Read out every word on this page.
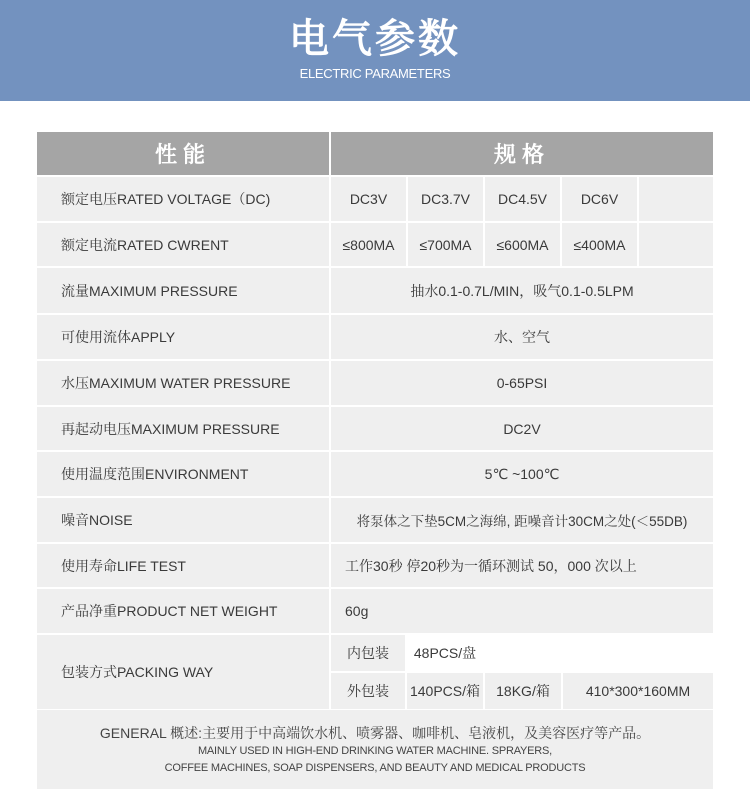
电气参数
ELECTRIC PARAMETERS
性能	规格
额定电压RATED VOLTAGE（DC)	DC3V	DC3.7V	DC4.5V	DC6V
额定电流RATED CWRENT	≤800MA	≤700MA	≤600MA	≤400MA
流量MAXIMUM PRESSURE	抽水0.1-0.7L/MIN，吸气0.1-0.5LPM
可使用流体APPLY	水、空气
水压MAXIMUM WATER PRESSURE	0-65PSI
再起动电压MAXIMUM PRESSURE	DC2V
使用温度范围ENVIRONMENT	5℃ ~100℃
噪音NOISE	将泵体之下垫5CM之海绵, 距噪音计30CM之处(＜55DB)
使用寿命LIFE TEST	工作30秒 停20秒为一循环测试 50，000 次以上
产品净重PRODUCT NET WEIGHT	60g
包装方式PACKING WAY
内包装	48PCS/盘
外包装	140PCS/箱	18KG/箱	410*300*160MM
GENERAL 概述:主要用于中高端饮水机、喷雾器、咖啡机、皂液机，及美容医疗等产品。
MAINLY USED IN HIGH-END DRINKING WATER MACHINE. SPRAYERS,
COFFEE MACHINES, SOAP DISPENSERS, AND BEAUTY AND MEDICAL PRODUCTS
